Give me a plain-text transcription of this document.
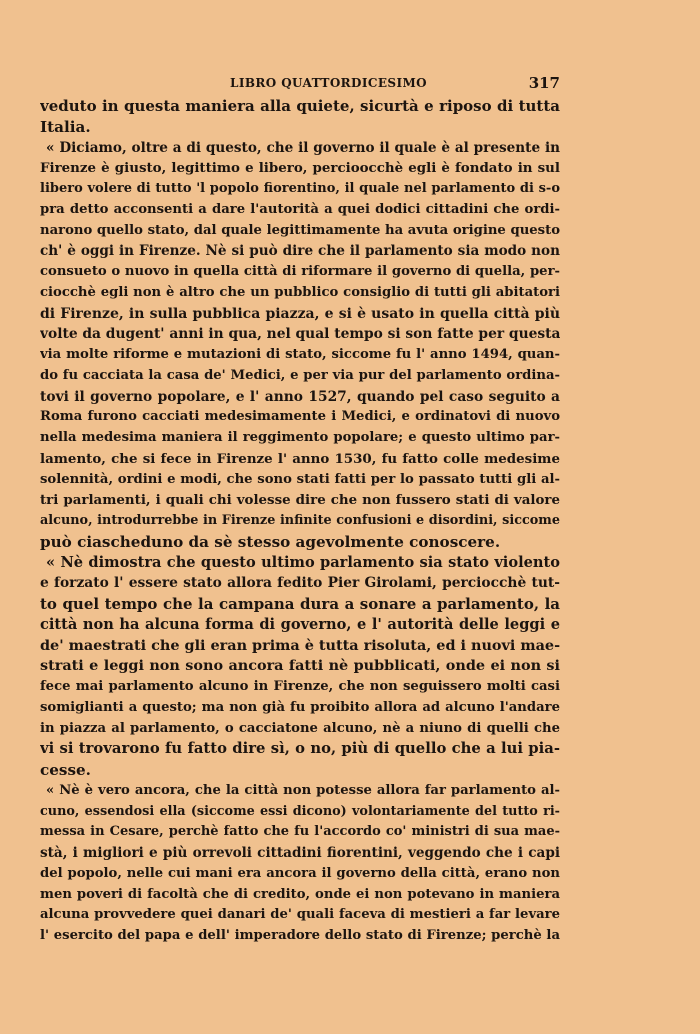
LIBRO QUATTORDICESIMO	317
veduto in questa maniera alla quiete, sicurtà e riposo di tutta
Italia.
« Diciamo, oltre a di questo, che il governo il quale è al presente in
Firenze è giusto, legittimo e libero, percioocchè egli è fondato in sul
libero volere di tutto 'l popolo fiorentino, il quale nel parlamento di s-o
pra detto acconsenti a dare l'autorità a quei dodici cittadini che ordi-
narono quello stato, dal quale legittimamente ha avuta origine questo
ch' è oggi in Firenze. Nè si può dire che il parlamento sia modo non
consueto o nuovo in quella città di riformare il governo di quella, per-
ciocchè egli non è altro che un pubblico consiglio di tutti gli abitatori
di Firenze, in sulla pubblica piazza, e si è usato in quella città più
volte da dugent' anni in qua, nel qual tempo si son fatte per questa
via molte riforme e mutazioni di stato, siccome fu l' anno 1494, quan-
do fu cacciata la casa de' Medici, e per via pur del parlamento ordina-
tovi il governo popolare, e l' anno 1527, quando pel caso seguito a
Roma furono cacciati medesimamente i Medici, e ordinatovi di nuovo
nella medesima maniera il reggimento popolare; e questo ultimo par-
lamento, che si fece in Firenze l' anno 1530, fu fatto colle medesime
solennità, ordini e modi, che sono stati fatti per lo passato tutti gli al-
tri parlamenti, i quali chi volesse dire che non fussero stati di valore
alcuno, introdurrebbe in Firenze infinite confusioni e disordini, siccome
può ciascheduno da sè stesso agevolmente conoscere.
« Nè dimostra che questo ultimo parlamento sia stato violento
e forzato l' essere stato allora fedito Pier Girolami, perciocchè tut-
to quel tempo che la campana dura a sonare a parlamento, la
città non ha alcuna forma di governo, e l' autorità delle leggi e
de' maestrati che gli eran prima è tutta risoluta, ed i nuovi mae-
strati e leggi non sono ancora fatti nè pubblicati, onde ei non si
fece mai parlamento alcuno in Firenze, che non seguissero molti casi
somiglianti a questo; ma non già fu proibito allora ad alcuno l'andare
in piazza al parlamento, o cacciatone alcuno, nè a niuno di quelli che
vi si trovarono fu fatto dire sì, o no, più di quello che a lui pia-
cesse.
« Nè è vero ancora, che la città non potesse allora far parlamento al-
cuno, essendosi ella (siccome essi dicono) volontariamente del tutto ri-
messa in Cesare, perchè fatto che fu l'accordo co' ministri di sua mae-
stà, i migliori e più orrevoli cittadini fiorentini, veggendo che i capi
del popolo, nelle cui mani era ancora il governo della città, erano non
men poveri di facoltà che di credito, onde ei non potevano in maniera
alcuna provvedere quei danari de' quali faceva di mestieri a far levare
l' esercito del papa e dell' imperadore dello stato di Firenze; perchè la
